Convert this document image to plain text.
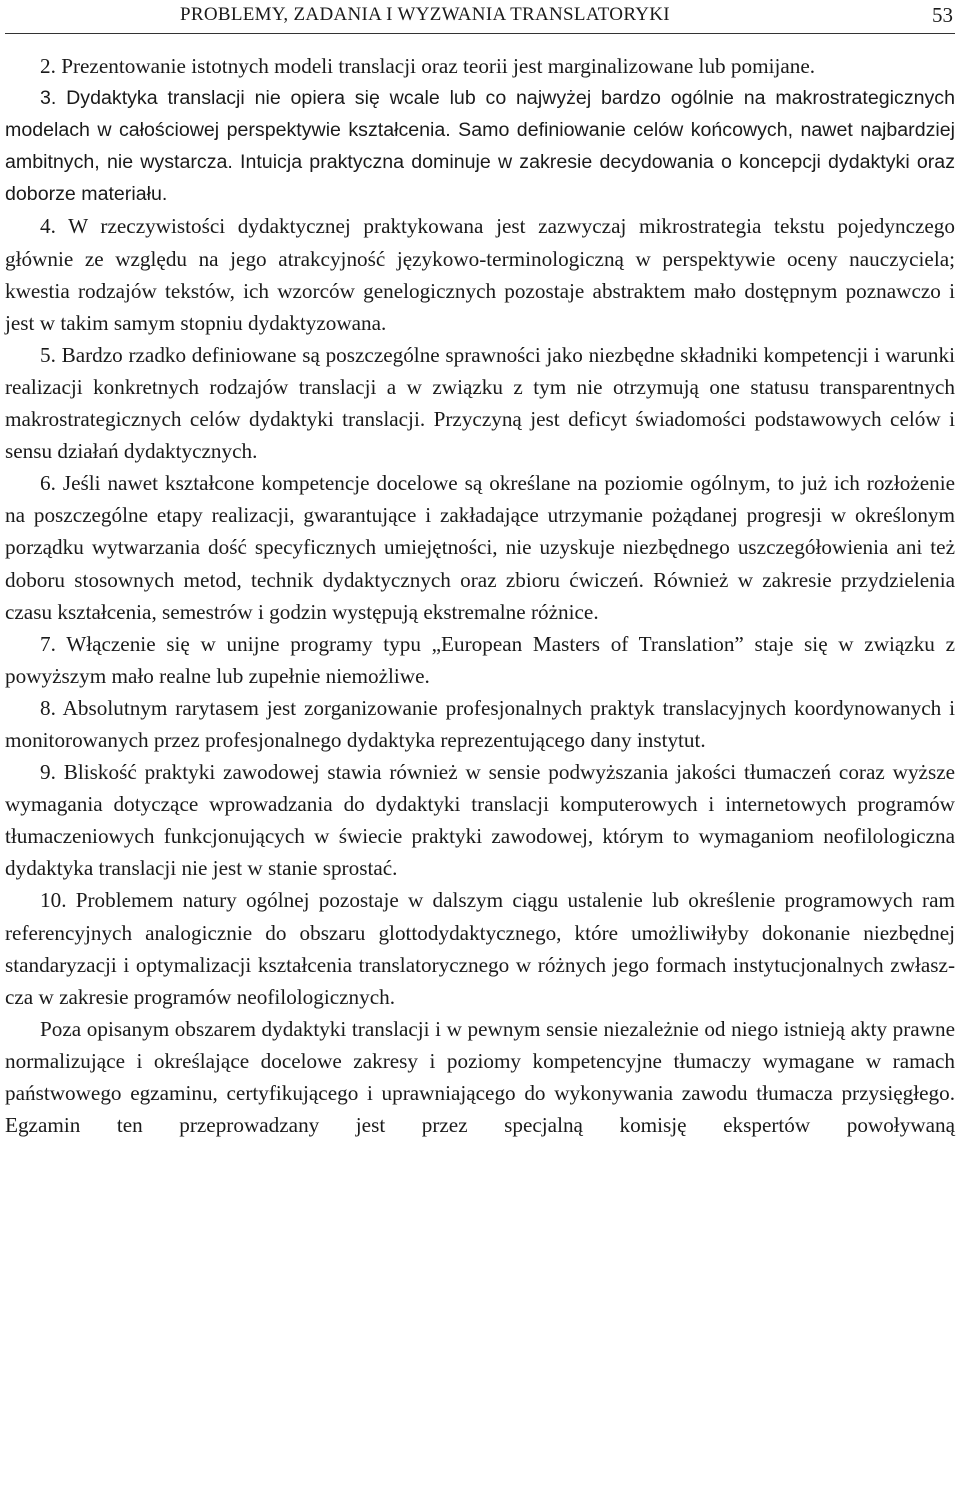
PROBLEMY, ZADANIA I WYZWANIA TRANSLATORYKI	53

2. Prezentowanie istotnych modeli translacji oraz teorii jest marginalizowane lub pomijane.

3. Dydaktyka translacji nie opiera się wcale lub co najwyżej bardzo ogólnie na makrostrategicznych modelach w całościowej perspektywie kształcenia. Samo definiowanie celów końcowych, nawet najbardziej ambitnych, nie wystarcza. Intuicja praktyczna dominuje w zakresie decydowania o koncepcji dydaktyki oraz doborze materiału.

4. W rzeczywistości dydaktycznej praktykowana jest zazwyczaj mikrostrategia tekstu pojedynczego głównie ze względu na jego atrakcyjność językowo-terminologiczną w perspektywie oceny nauczyciela; kwestia rodzajów tekstów, ich wzorców genelogicznych pozostaje abstraktem mało dostępnym poznawczo i jest w takim samym stopniu dydaktyzowana.

5. Bardzo rzadko definiowane są poszczególne sprawności jako niezbędne składniki kompetencji i warunki realizacji konkretnych rodzajów translacji a w związku z tym nie otrzymują one statusu transparentnych makrostrategicznych celów dydaktyki translacji. Przyczyną jest deficyt świadomości podstawowych celów i sensu działań dydaktycznych.

6. Jeśli nawet kształcone kompetencje docelowe są określane na poziomie ogólnym, to już ich rozłożenie na poszczególne etapy realizacji, gwarantujące i zakładające utrzymanie pożądanej progresji w określonym porządku wytwarzania dość specyficznych umiejętności, nie uzyskuje niezbędnego uszczegółowienia ani też doboru stosownych metod, technik dydaktycznych oraz zbioru ćwiczeń. Również w zakresie przydzielenia czasu kształcenia, semestrów i godzin występują ekstremalne różnice.

7. Włączenie się w unijne programy typu „European Masters of Translation” staje się w związku z powyższym mało realne lub zupełnie niemożliwe.

8. Absolutnym rarytasem jest zorganizowanie profesjonalnych praktyk translacyjnych koordynowanych i monitorowanych przez profesjonalnego dydaktyka reprezentującego dany instytut.

9. Bliskość praktyki zawodowej stawia również w sensie podwyższania jakości tłumaczeń coraz wyższe wymagania dotyczące wprowadzania do dydaktyki translacji komputerowych i internetowych programów tłumaczeniowych funkcjonujących w świecie praktyki zawodowej, którym to wymaganiom neofilologiczna dydaktyka translacji nie jest w stanie sprostać.

10. Problemem natury ogólnej pozostaje w dalszym ciągu ustalenie lub określenie programowych ram referencyjnych analogicznie do obszaru glottodydaktycznego, które umożliwiłyby dokonanie niezbędnej standaryzacji i optymalizacji kształcenia translatorycznego w różnych jego formach instytucjonalnych zwłaszcza w zakresie programów neofilologicznych.

Poza opisanym obszarem dydaktyki translacji i w pewnym sensie niezależnie od niego istnieją akty prawne normalizujące i określające docelowe zakresy i poziomy kompetencyjne tłumaczy wymagane w ramach państwowego egzaminu, certyfikującego i uprawniającego do wykonywania zawodu tłumacza przysięgłego. Egzamin ten przeprowadzany jest przez specjalną komisję ekspertów powoływaną
